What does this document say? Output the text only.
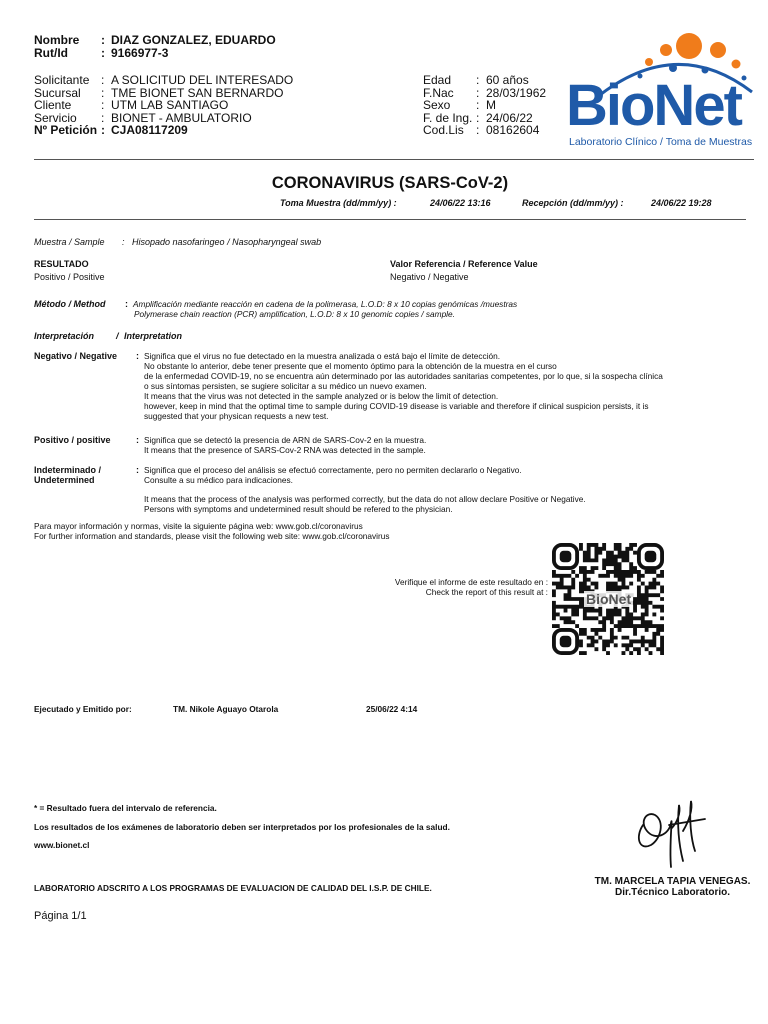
Nombre : DIAZ GONZALEZ, EDUARDO
Rut/Id	: 9166977-3
Solicitante : A SOLICITUD DEL INTERESADO
Sucursal : TME BIONET SAN BERNARDO
Cliente : UTM LAB SANTIAGO
Servicio : BIONET - AMBULATORIO
Nº Petición : CJA08117209
Edad : 60 años
F.Nac : 28/03/1962
Sexo : M
F. de Ing. : 24/06/22
Cod.Lis : 08162604 BioNet
Laboratorio Clínico / Toma de Muestras
CORONAVIRUS (SARS-CoV-2)
Toma Muestra (dd/mm/yy) :	24/06/22 13:16	Recepción (dd/mm/yy) :	24/06/22 19:28
Muestra / Sample : Hisopado nasofaringeo / Nasopharyngeal swab
RESULTADO
Positivo / Positive
Valor Referencia / Reference Value
Negativo / Negative
Método / Method : Amplificación mediante reacción en cadena de la polimerasa, L.O.D: 8 x 10 copias genómicas /muestras
Polymerase chain reaction (PCR) amplification, L.O.D: 8 x 10 genomic copies / sample.
Interpretación / Interpretation
Negativo / Negative : Significa que el virus no fue detectado en la muestra analizada o está bajo el límite de detección.
No obstante lo anterior, debe tener presente que el momento óptimo para la obtención de la muestra en el curso
de la enfermedad COVID-19, no se encuentra aún determinado por las autoridades sanitarias competentes, por lo que, si la sospecha clínica
o sus síntomas persisten, se sugiere solicitar a su médico un nuevo examen.
It means that the virus was not detected in the sample analyzed or is below the limit of detection.
however, keep in mind that the optimal time to sample during COVID-19 disease is variable and therefore if clinical suspicion persists, it is
suggested that your physican requests a new test.
Positivo / positive	: Significa que se detectó la presencia de ARN de SARS-Cov-2 en la muestra.
It means that the presence of SARS-Cov-2 RNA was detected in the sample.
Indeterminado /
Undetermined
: Significa que el proceso del análisis se efectuó correctamente, pero no permiten declararlo o Negativo.
Consulte a su médico para indicaciones.
It means that the process of the analysis was performed correctly, but the data do not allow declare Positive or Negative.
Persons with symptoms and undetermined result should be refered to the physician.
Para mayor información y normas, visite la siguiente página web: www.gob.cl/coronavirus
For further information and standards, please visit the following web site: www.gob.cl/coronavirus
Verifique el informe de este resultado en :
Check the report of this result at :	BioNet
Ejecutado y Emitido por:	TM. Nikole Aguayo Otarola	25/06/22 4:14
* = Resultado fuera del intervalo de referencia.
Los resultados de los exámenes de laboratorio deben ser interpretados por los profesionales de la salud.
www.bionet.cl
LABORATORIO ADSCRITO A LOS PROGRAMAS DE EVALUACION DE CALIDAD DEL I.S.P. DE CHILE.
TM. MARCELA TAPIA VENEGAS.
Dir.Técnico Laboratorio.
Página 1/1
